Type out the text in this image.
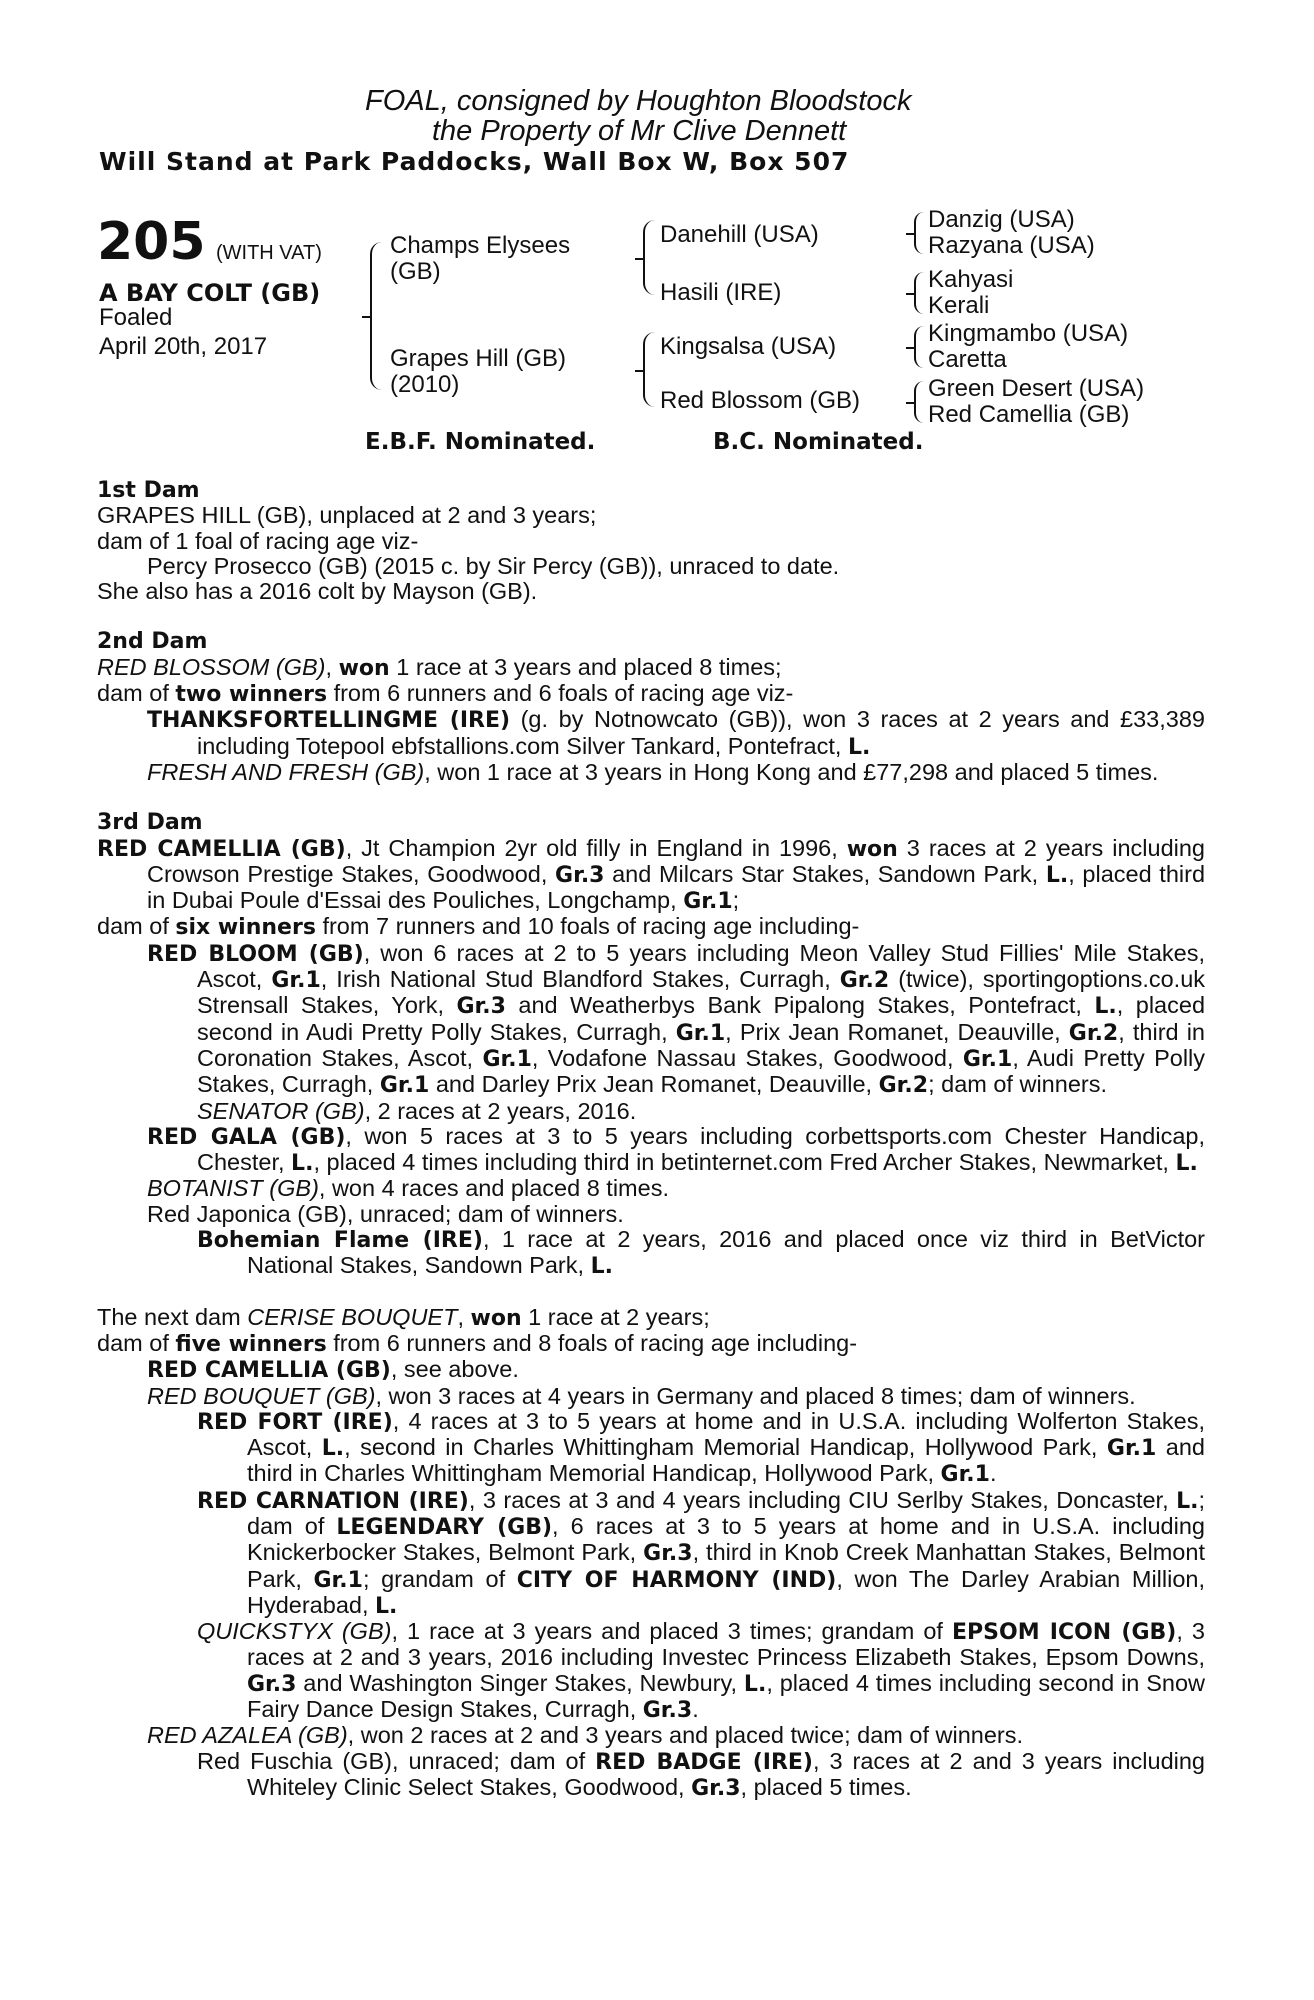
FOAL, consigned by Houghton Bloodstock
the Property of Mr Clive Dennett
Will Stand at Park Paddocks, Wall Box W, Box 507
205 (WITH VAT)
A BAY COLT (GB)
Foaled
April 20th, 2017
Champs Elysees
(GB)
Grapes Hill (GB)
(2010)
Danehill (USA)
Hasili (IRE)
Kingsalsa (USA)
Red Blossom (GB)
Danzig (USA)
Razyana (USA)
Kahyasi
Kerali
Kingmambo (USA)
Caretta
Green Desert (USA)
Red Camellia (GB)
E.B.F. Nominated.	B.C. Nominated.
1st Dam
GRAPES HILL (GB), unplaced at 2 and 3 years;
dam of 1 foal of racing age viz-
Percy Prosecco (GB) (2015 c. by Sir Percy (GB)), unraced to date.
She also has a 2016 colt by Mayson (GB).
2nd Dam
RED BLOSSOM (GB), won 1 race at 3 years and placed 8 times;
dam of two winners from 6 runners and 6 foals of racing age viz-
THANKSFORTELLINGME (IRE) (g. by Notnowcato (GB)), won 3 races at 2 years and £33,389 including Totepool ebfstallions.com Silver Tankard, Pontefract, L.
FRESH AND FRESH (GB), won 1 race at 3 years in Hong Kong and £77,298 and placed 5 times.
3rd Dam
RED CAMELLIA (GB), Jt Champion 2yr old filly in England in 1996, won 3 races at 2 years including Crowson Prestige Stakes, Goodwood, Gr.3 and Milcars Star Stakes, Sandown Park, L., placed third in Dubai Poule d'Essai des Pouliches, Longchamp, Gr.1;
dam of six winners from 7 runners and 10 foals of racing age including-
RED BLOOM (GB), won 6 races at 2 to 5 years including Meon Valley Stud Fillies' Mile Stakes, Ascot, Gr.1, Irish National Stud Blandford Stakes, Curragh, Gr.2 (twice), sportingoptions.co.uk Strensall Stakes, York, Gr.3 and Weatherbys Bank Pipalong Stakes, Pontefract, L., placed second in Audi Pretty Polly Stakes, Curragh, Gr.1, Prix Jean Romanet, Deauville, Gr.2, third in Coronation Stakes, Ascot, Gr.1, Vodafone Nassau Stakes, Goodwood, Gr.1, Audi Pretty Polly Stakes, Curragh, Gr.1 and Darley Prix Jean Romanet, Deauville, Gr.2; dam of winners.
SENATOR (GB), 2 races at 2 years, 2016.
RED GALA (GB), won 5 races at 3 to 5 years including corbettsports.com Chester Handicap, Chester, L., placed 4 times including third in betinternet.com Fred Archer Stakes, Newmarket, L.
BOTANIST (GB), won 4 races and placed 8 times.
Red Japonica (GB), unraced; dam of winners.
Bohemian Flame (IRE), 1 race at 2 years, 2016 and placed once viz third in BetVictor National Stakes, Sandown Park, L.
The next dam CERISE BOUQUET, won 1 race at 2 years;
dam of five winners from 6 runners and 8 foals of racing age including-
RED CAMELLIA (GB), see above.
RED BOUQUET (GB), won 3 races at 4 years in Germany and placed 8 times; dam of winners.
RED FORT (IRE), 4 races at 3 to 5 years at home and in U.S.A. including Wolferton Stakes, Ascot, L., second in Charles Whittingham Memorial Handicap, Hollywood Park, Gr.1 and third in Charles Whittingham Memorial Handicap, Hollywood Park, Gr.1.
RED CARNATION (IRE), 3 races at 3 and 4 years including CIU Serlby Stakes, Doncaster, L.; dam of LEGENDARY (GB), 6 races at 3 to 5 years at home and in U.S.A. including Knickerbocker Stakes, Belmont Park, Gr.3, third in Knob Creek Manhattan Stakes, Belmont Park, Gr.1; grandam of CITY OF HARMONY (IND), won The Darley Arabian Million, Hyderabad, L.
QUICKSTYX (GB), 1 race at 3 years and placed 3 times; grandam of EPSOM ICON (GB), 3 races at 2 and 3 years, 2016 including Investec Princess Elizabeth Stakes, Epsom Downs, Gr.3 and Washington Singer Stakes, Newbury, L., placed 4 times including second in Snow Fairy Dance Design Stakes, Curragh, Gr.3.
RED AZALEA (GB), won 2 races at 2 and 3 years and placed twice; dam of winners.
Red Fuschia (GB), unraced; dam of RED BADGE (IRE), 3 races at 2 and 3 years including Whiteley Clinic Select Stakes, Goodwood, Gr.3, placed 5 times.
